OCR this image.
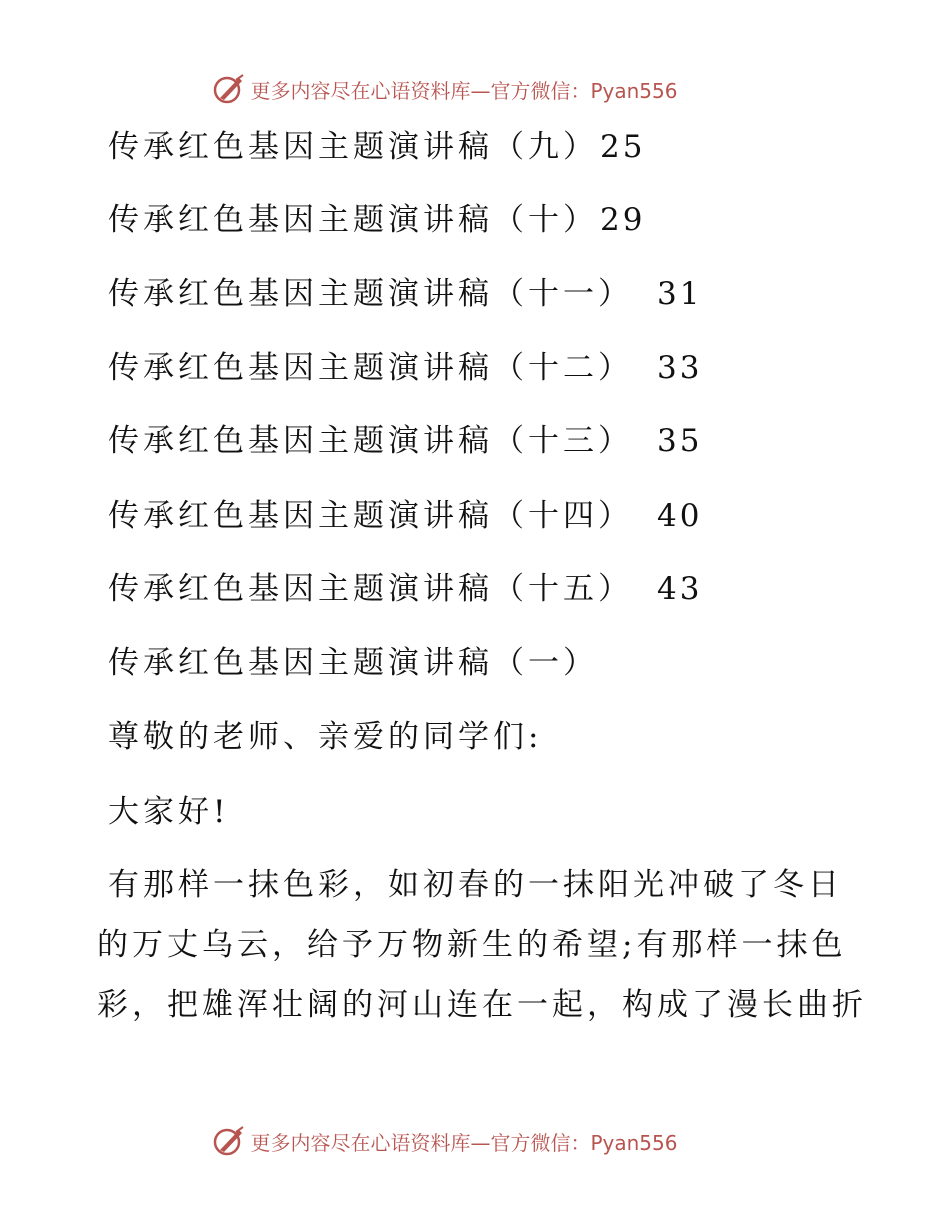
更多内容尽在心语资料库—官方微信：Pyan556
传承红色基因主题演讲稿（九） 25
传承红色基因主题演讲稿（十） 29
传承红色基因主题演讲稿（十一） 31
传承红色基因主题演讲稿（十二） 33
传承红色基因主题演讲稿（十三） 35
传承红色基因主题演讲稿（十四） 40
传承红色基因主题演讲稿（十五） 43
传承红色基因主题演讲稿（一）
尊敬的老师、亲爱的同学们:
大家好!
有那样一抹色彩，如初春的一抹阳光冲破了冬日
的万丈乌云，给予万物新生的希望;有那样一抹色
彩，把雄浑壮阔的河山连在一起，构成了漫长曲折
更多内容尽在心语资料库—官方微信：Pyan556
